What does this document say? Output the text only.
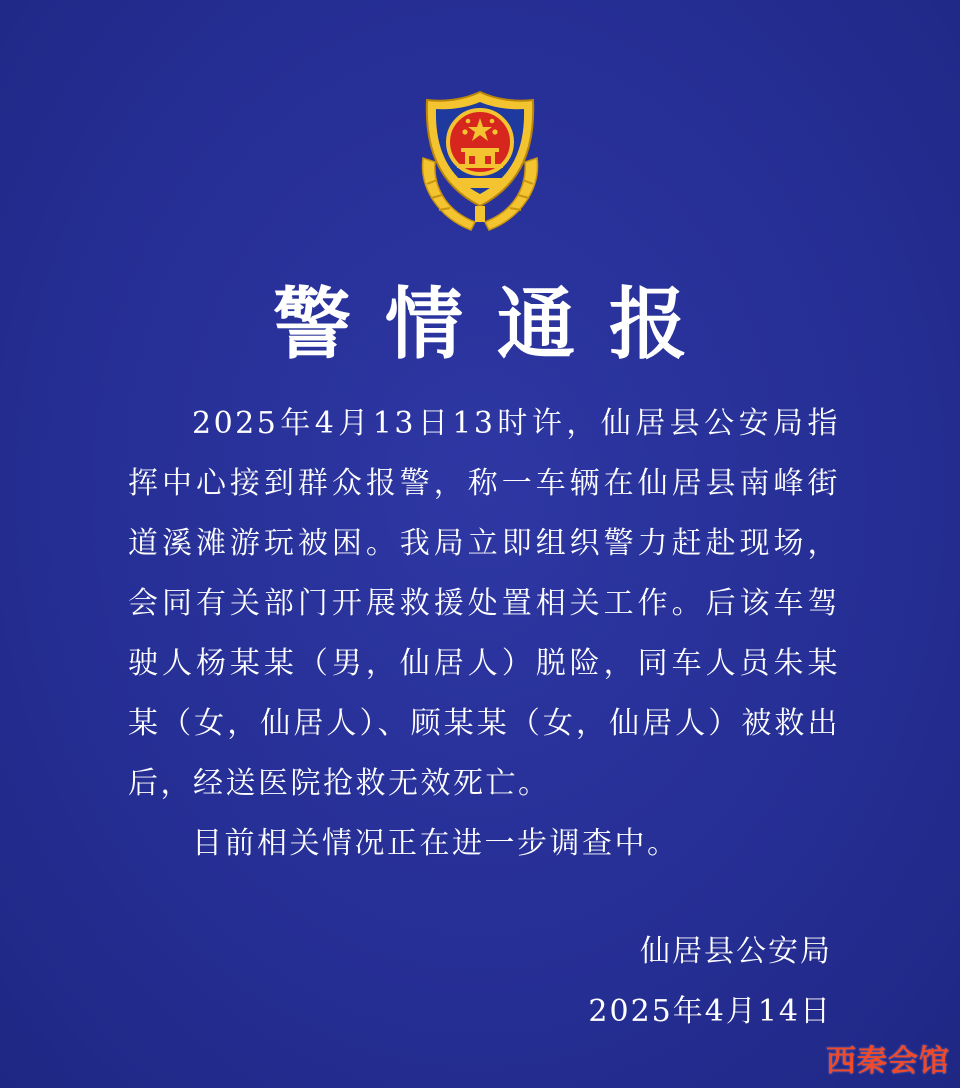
警情通报

2025年4月13日13时许，仙居县公安局指挥中心接到群众报警，称一车辆在仙居县南峰街道溪滩游玩被困。我局立即组织警力赶赴现场，会同有关部门开展救援处置相关工作。后该车驾驶人杨某某（男，仙居人）脱险，同车人员朱某某（女，仙居人）、顾某某（女，仙居人）被救出后，经送医院抢救无效死亡。

目前相关情况正在进一步调查中。

仙居县公安局
2025年4月14日
西秦会馆
